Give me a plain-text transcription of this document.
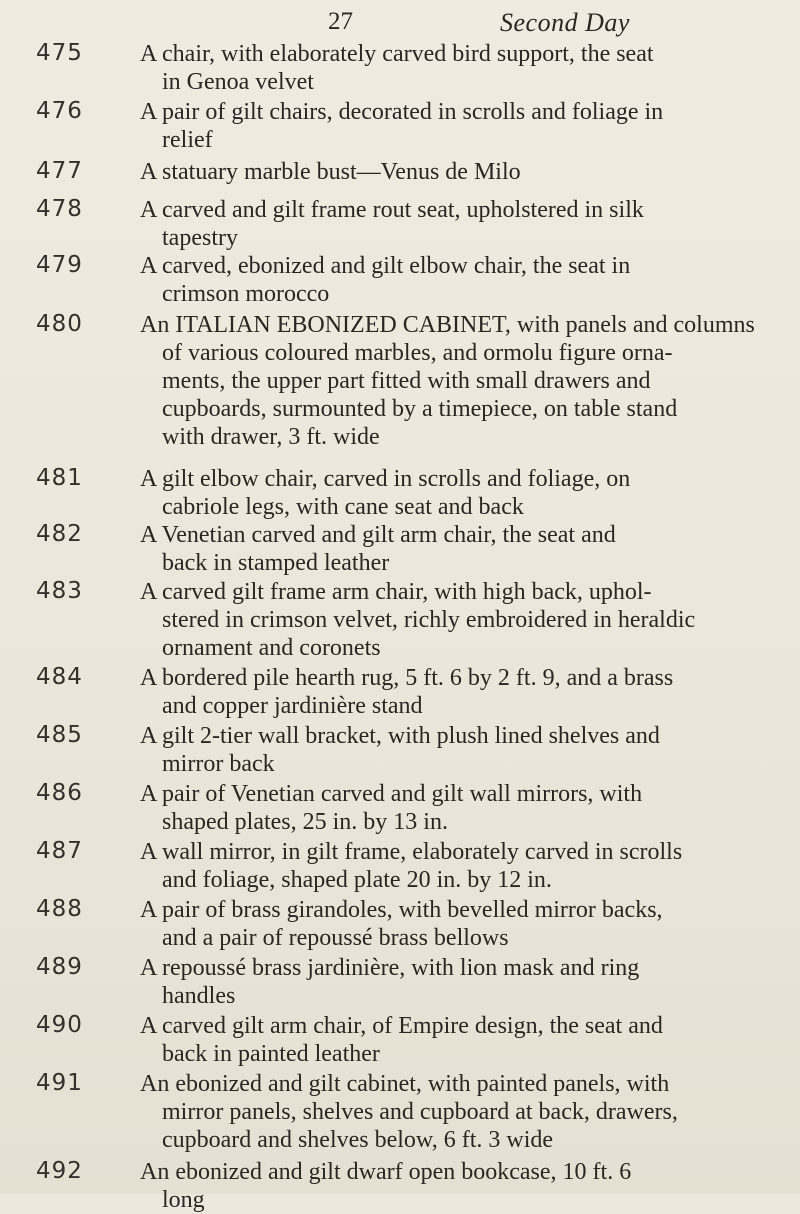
27	Second Day
475 A chair, with elaborately carved bird support, the seat
in Genoa velvet
476 A pair of gilt chairs, decorated in scrolls and foliage in
relief
477 A statuary marble bust—Venus de Milo
478 A carved and gilt frame rout seat, upholstered in silk
tapestry
479 A carved, ebonized and gilt elbow chair, the seat in
crimson morocco
480 An ITALIAN EBONIZED CABINET, with panels and columns
of various coloured marbles, and ormolu figure orna-
ments, the upper part fitted with small drawers and
cupboards, surmounted by a timepiece, on table stand
with drawer, 3 ft. wide
481 A gilt elbow chair, carved in scrolls and foliage, on
cabriole legs, with cane seat and back
482 A Venetian carved and gilt arm chair, the seat and
back in stamped leather
483 A carved gilt frame arm chair, with high back, uphol-
stered in crimson velvet, richly embroidered in heraldic
ornament and coronets
484 A bordered pile hearth rug, 5 ft. 6 by 2 ft. 9, and a brass
and copper jardinière stand
485 A gilt 2-tier wall bracket, with plush lined shelves and
mirror back
486 A pair of Venetian carved and gilt wall mirrors, with
shaped plates, 25 in. by 13 in.
487 A wall mirror, in gilt frame, elaborately carved in scrolls
and foliage, shaped plate 20 in. by 12 in.
488 A pair of brass girandoles, with bevelled mirror backs,
and a pair of repoussé brass bellows
489 A repoussé brass jardinière, with lion mask and ring
handles
490 A carved gilt arm chair, of Empire design, the seat and
back in painted leather
491 An ebonized and gilt cabinet, with painted panels, with
mirror panels, shelves and cupboard at back, drawers,
cupboard and shelves below, 6 ft. 3 wide
492 An ebonized and gilt dwarf open bookcase, 10 ft. 6
long
